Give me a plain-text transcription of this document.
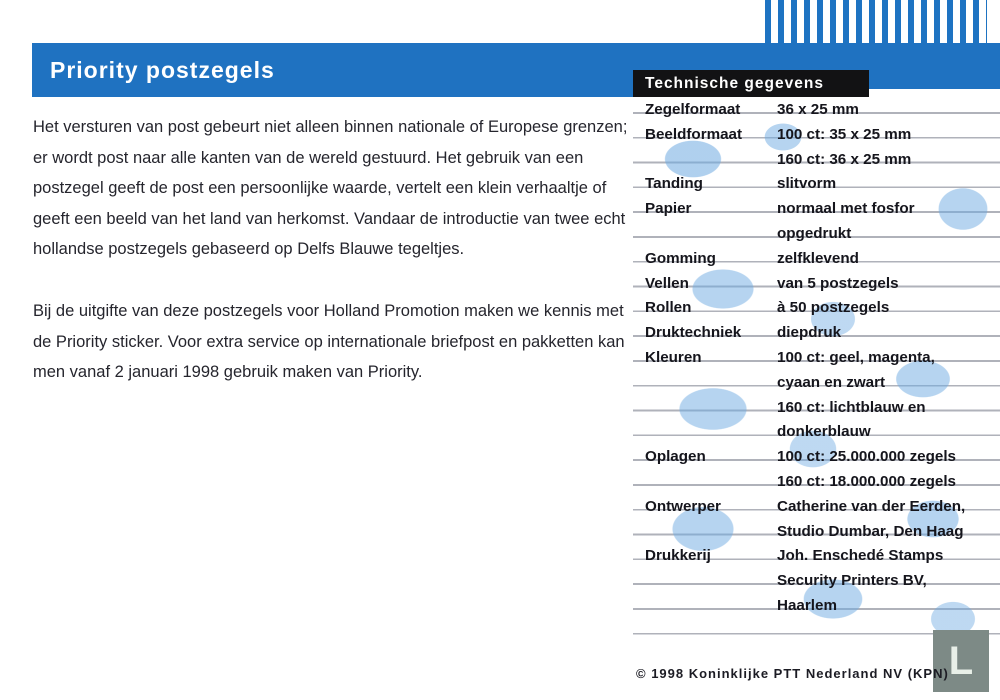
Priority postzegels

Het versturen van post gebeurt niet alleen binnen nationale of Europese grenzen; er wordt post naar alle kanten van de wereld gestuurd. Het gebruik van een postzegel geeft de post een persoonlijke waarde, vertelt een klein verhaaltje of geeft een beeld van het land van herkomst. Vandaar de introductie van twee echt hollandse postzegels gebaseerd op Delfs Blauwe tegeltjes.

Bij de uitgifte van deze postzegels voor Holland Promotion maken we kennis met de Priority sticker. Voor extra service op internationale briefpost en pakketten kan men vanaf 2 januari 1998 gebruik maken van Priority.

Technische gegevens
Zegelformaat 36 x 25 mm
Beeldformaat 100 ct: 35 x 25 mm
160 ct: 36 x 25 mm
Tanding	slitvorm
Papier	normaal met fosfor
opgedrukt
Gomming	zelfklevend
Vellen	van 5 postzegels
Rollen	à 50 postzegels
Druktechniek diepdruk
Kleuren	100 ct: geel, magenta,
cyaan en zwart
160 ct: lichtblauw en
donkerblauw
Oplagen	100 ct: 25.000.000 zegels
160 ct: 18.000.000 zegels
Ontwerper	Catherine van der Eerden,
Studio Dumbar, Den Haag
Drukkerij	Joh. Enschedé Stamps
Security Printers BV,
Haarlem
L

© 1998 Koninklijke PTT Nederland NV (KPN)
